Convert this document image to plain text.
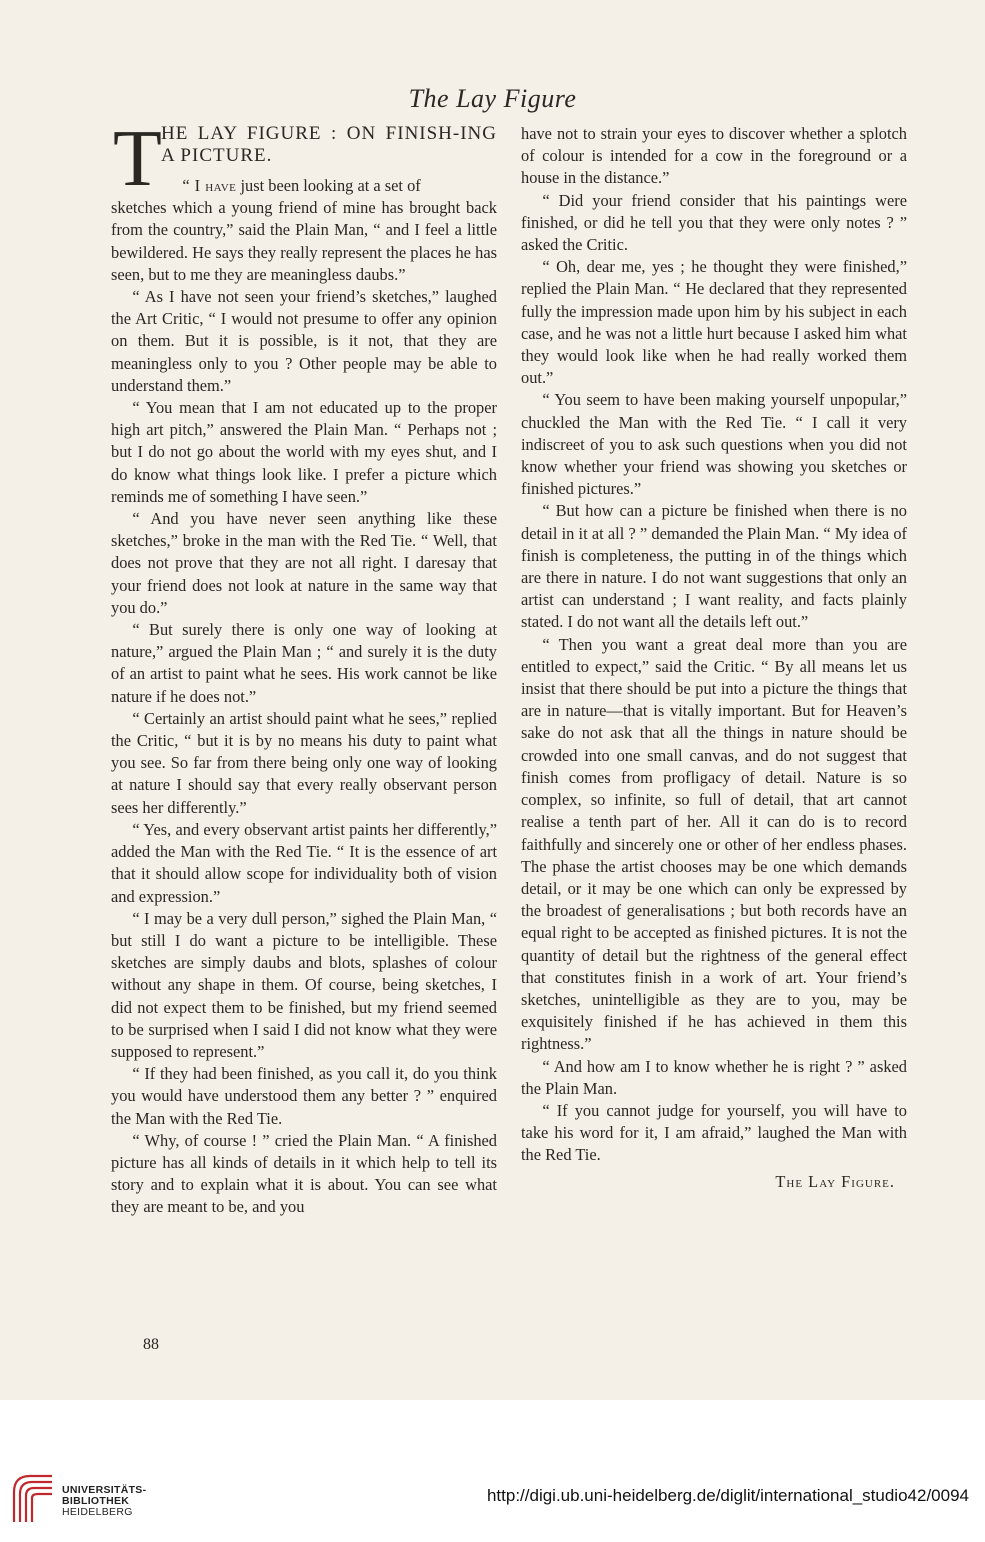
The Lay Figure
T
HE LAY FIGURE : ON FINISH-ING A PICTURE.

“ I have just been looking at a set of

sketches which a young friend of mine has brought back from the country,” said the Plain Man, “ and I feel a little bewildered. He says they really represent the places he has seen, but to me they are meaningless daubs.”

“ As I have not seen your friend’s sketches,” laughed the Art Critic, “ I would not presume to offer any opinion on them. But it is possible, is it not, that they are meaningless only to you ? Other people may be able to understand them.”

“ You mean that I am not educated up to the proper high art pitch,” answered the Plain Man. “ Perhaps not ; but I do not go about the world with my eyes shut, and I do know what things look like. I prefer a picture which reminds me of something I have seen.”

“ And you have never seen anything like these sketches,” broke in the man with the Red Tie. “ Well, that does not prove that they are not all right. I daresay that your friend does not look at nature in the same way that you do.”

“ But surely there is only one way of looking at nature,” argued the Plain Man ; “ and surely it is the duty of an artist to paint what he sees. His work cannot be like nature if he does not.”

“ Certainly an artist should paint what he sees,” replied the Critic, “ but it is by no means his duty to paint what you see. So far from there being only one way of looking at nature I should say that every really observant person sees her differently.”

“ Yes, and every observant artist paints her differently,” added the Man with the Red Tie. “ It is the essence of art that it should allow scope for individuality both of vision and expression.”

“ I may be a very dull person,” sighed the Plain Man, “ but still I do want a picture to be intelligible. These sketches are simply daubs and blots, splashes of colour without any shape in them. Of course, being sketches, I did not expect them to be finished, but my friend seemed to be surprised when I said I did not know what they were supposed to represent.”

“ If they had been finished, as you call it, do you think you would have understood them any better ? ” enquired the Man with the Red Tie.

“ Why, of course ! ” cried the Plain Man. “ A finished picture has all kinds of details in it which help to tell its story and to explain what it is about. You can see what they are meant to be, and you

have not to strain your eyes to discover whether a splotch of colour is intended for a cow in the foreground or a house in the distance.”

“ Did your friend consider that his paintings were finished, or did he tell you that they were only notes ? ” asked the Critic.

“ Oh, dear me, yes ; he thought they were finished,” replied the Plain Man. “ He declared that they represented fully the impression made upon him by his subject in each case, and he was not a little hurt because I asked him what they would look like when he had really worked them out.”

“ You seem to have been making yourself unpopular,” chuckled the Man with the Red Tie. “ I call it very indiscreet of you to ask such questions when you did not know whether your friend was showing you sketches or finished pictures.”

“ But how can a picture be finished when there is no detail in it at all ? ” demanded the Plain Man. “ My idea of finish is completeness, the putting in of the things which are there in nature. I do not want suggestions that only an artist can understand ; I want reality, and facts plainly stated. I do not want all the details left out.”

“ Then you want a great deal more than you are entitled to expect,” said the Critic. “ By all means let us insist that there should be put into a picture the things that are in nature—that is vitally important. But for Heaven’s sake do not ask that all the things in nature should be crowded into one small canvas, and do not suggest that finish comes from profligacy of detail. Nature is so complex, so infinite, so full of detail, that art cannot realise a tenth part of her. All it can do is to record faithfully and sincerely one or other of her endless phases. The phase the artist chooses may be one which demands detail, or it may be one which can only be expressed by the broadest of generalisations ; but both records have an equal right to be accepted as finished pictures. It is not the quantity of detail but the rightness of the general effect that constitutes finish in a work of art. Your friend’s sketches, unintelligible as they are to you, may be exquisitely finished if he has achieved in them this rightness.”

“ And how am I to know whether he is right ? ” asked the Plain Man.

“ If you cannot judge for yourself, you will have to take his word for it, I am afraid,” laughed the Man with the Red Tie.

The Lay Figure.

88
UNIVERSITÄTS-
BIBLIOTHEK
HEIDELBERG
http://digi.ub.uni-heidelberg.de/diglit/international_studio42/0094
